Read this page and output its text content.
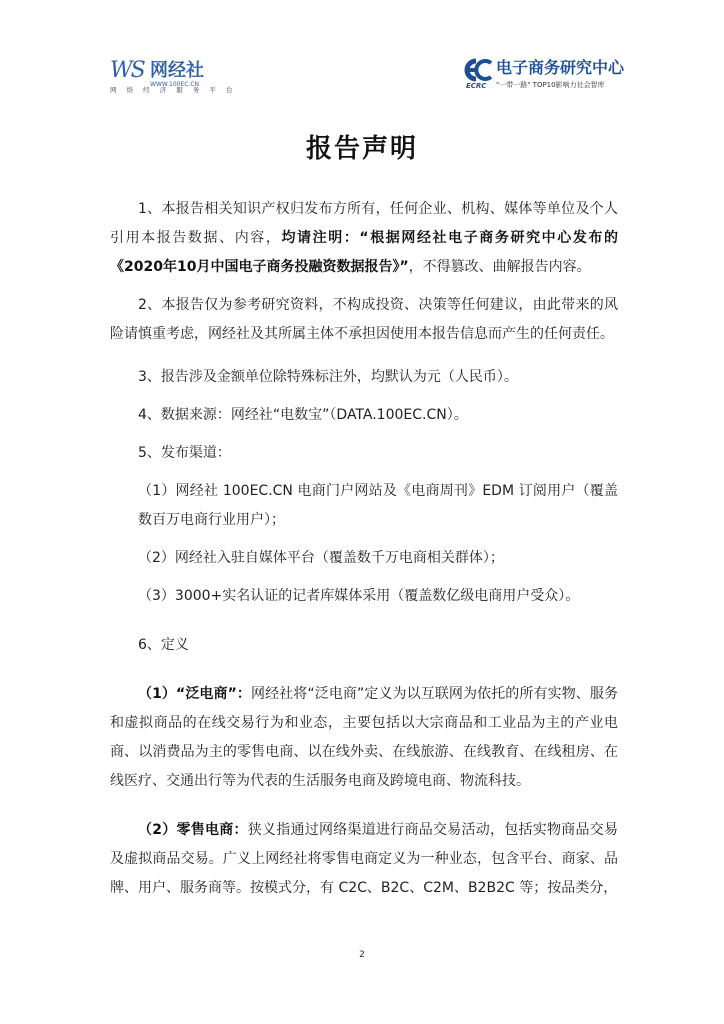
WS 网经社
WWW.100EC.CN
网 络 经 济 服 务 平 台
电子商务研究中心
ECRC "一带一路" TOP10影响力社会智库
报告声明

1、本报告相关知识产权归发布方所有，任何企业、机构、媒体等单位及个人引用本报告数据、内容，均请注明：“根据网经社电子商务研究中心发布的《2020年10月中国电子商务投融资数据报告》”，不得篡改、曲解报告内容。

2、本报告仅为参考研究资料，不构成投资、决策等任何建议，由此带来的风险请慎重考虑，网经社及其所属主体不承担因使用本报告信息而产生的任何责任。

3、报告涉及金额单位除特殊标注外，均默认为元（人民币）。

4、数据来源：网经社“电数宝”（DATA.100EC.CN）。

5、发布渠道：

（1）网经社 100EC.CN 电商门户网站及《电商周刊》EDM 订阅用户（覆盖数百万电商行业用户）；

（2）网经社入驻自媒体平台（覆盖数千万电商相关群体）；

（3）3000+实名认证的记者库媒体采用（覆盖数亿级电商用户受众）。

6、定义

（1）“泛电商”：网经社将“泛电商”定义为以互联网为依托的所有实物、服务和虚拟商品的在线交易行为和业态，主要包括以大宗商品和工业品为主的产业电商、以消费品为主的零售电商、以在线外卖、在线旅游、在线教育、在线租房、在线医疗、交通出行等为代表的生活服务电商及跨境电商、物流科技。

（2）零售电商：狭义指通过网络渠道进行商品交易活动，包括实物商品交易及虚拟商品交易。广义上网经社将零售电商定义为一种业态，包含平台、商家、品牌、用户、服务商等。按模式分，有 C2C、B2C、C2M、B2B2C 等；按品类分，

2
